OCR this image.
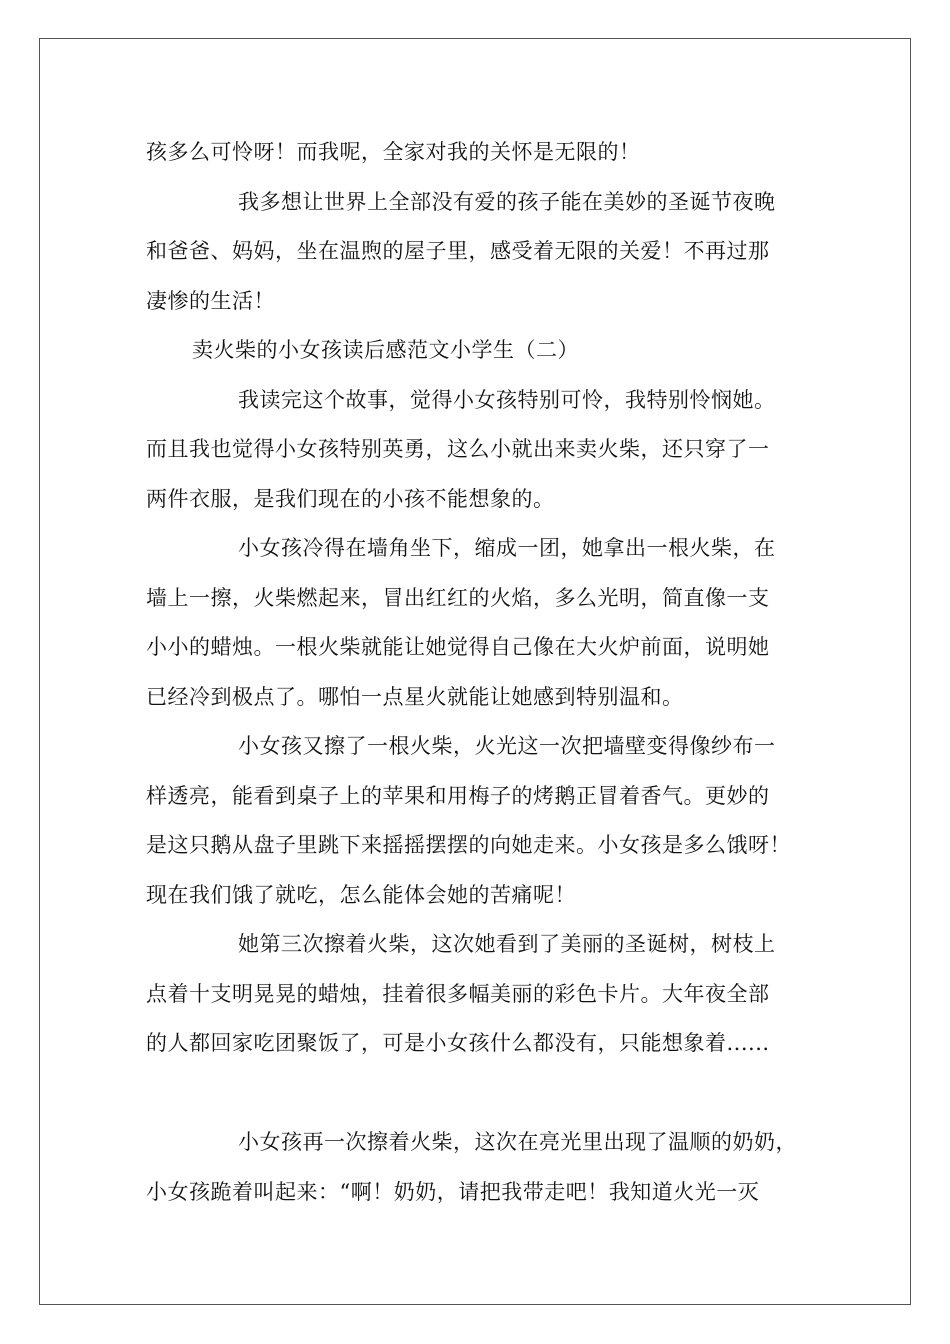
孩多么可怜呀！而我呢，全家对我的关怀是无限的！
我多想让世界上全部没有爱的孩子能在美妙的圣诞节夜晚
和爸爸、妈妈，坐在温煦的屋子里，感受着无限的关爱！不再过那
凄惨的生活！
卖火柴的小女孩读后感范文小学生（二）
我读完这个故事，觉得小女孩特别可怜，我特别怜悯她。
而且我也觉得小女孩特别英勇，这么小就出来卖火柴，还只穿了一
两件衣服，是我们现在的小孩不能想象的。
小女孩冷得在墙角坐下，缩成一团，她拿出一根火柴，在
墙上一擦，火柴燃起来，冒出红红的火焰，多么光明，简直像一支
小小的蜡烛。一根火柴就能让她觉得自己像在大火炉前面，说明她
已经冷到极点了。哪怕一点星火就能让她感到特别温和。
小女孩又擦了一根火柴，火光这一次把墙壁变得像纱布一
样透亮，能看到桌子上的苹果和用梅子的烤鹅正冒着香气。更妙的
是这只鹅从盘子里跳下来摇摇摆摆的向她走来。小女孩是多么饿呀！
现在我们饿了就吃，怎么能体会她的苦痛呢！
她第三次擦着火柴，这次她看到了美丽的圣诞树，树枝上
点着十支明晃晃的蜡烛，挂着很多幅美丽的彩色卡片。大年夜全部
的人都回家吃团聚饭了，可是小女孩什么都没有，只能想象着......
小女孩再一次擦着火柴，这次在亮光里出现了温顺的奶奶，
小女孩跪着叫起来：“啊！奶奶，请把我带走吧！我知道火光一灭
